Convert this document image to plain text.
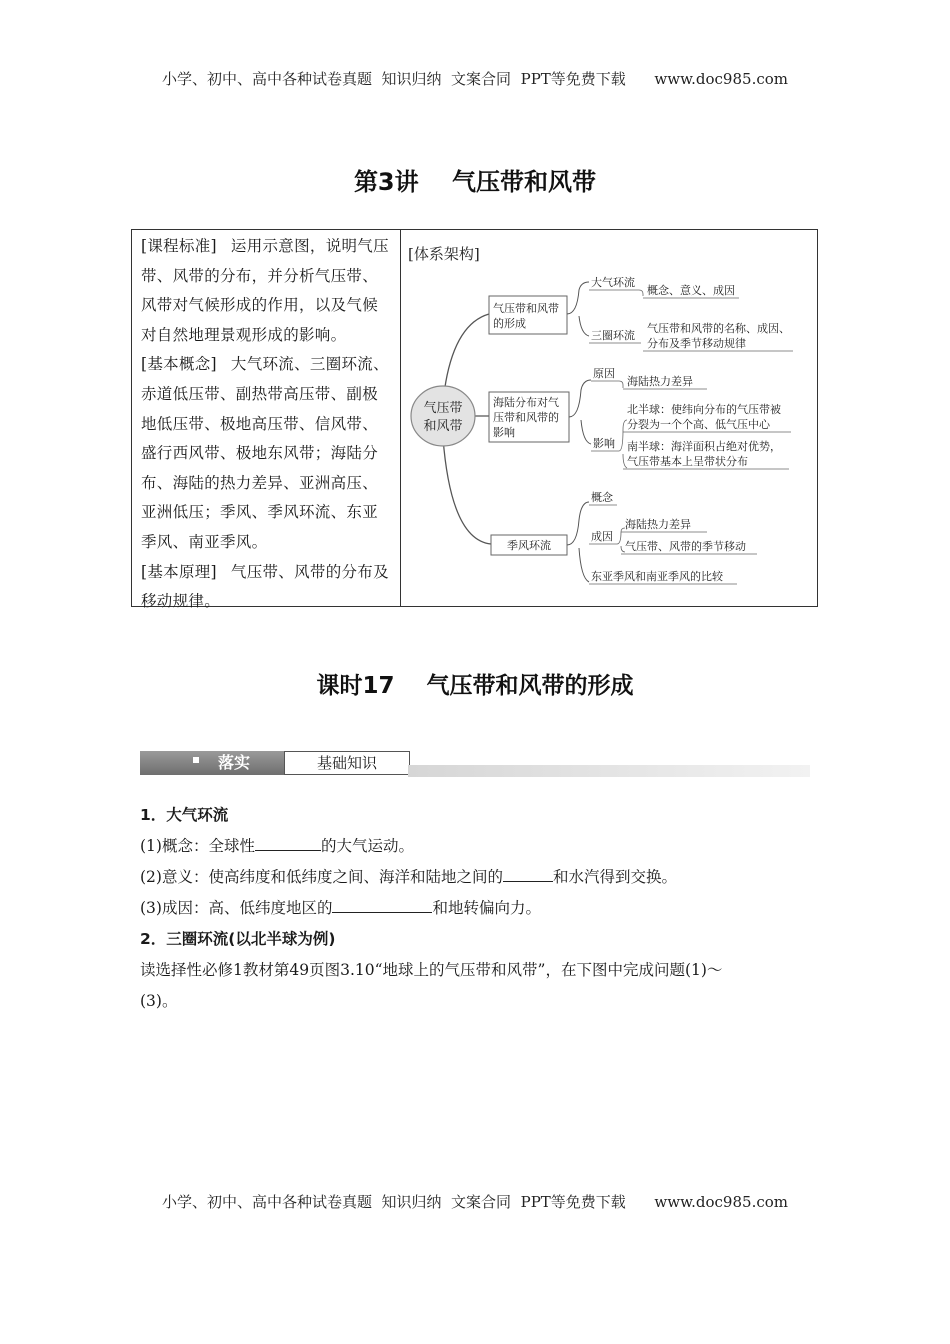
小学、初中、高中各种试卷真题  知识归纳  文案合同  PPT等免费下载      www.doc985.com
第3讲    气压带和风带
[课程标准] 运用示意图，说明气压带、风带的分布，并分析气压带、风带对气候形成的作用，以及气候对自然地理景观形成的影响。
[基本概念] 大气环流、三圈环流、赤道低压带、副热带高压带、副极地低压带、极地高压带、信风带、盛行西风带、极地东风带；海陆分布、海陆的热力差异、亚洲高压、亚洲低压；季风、季风环流、东亚季风、南亚季风。
[基本原理] 气压带、风带的分布及移动规律。
[体系架构]
气压带
和风带
气压带和风带
的形成
大气环流
概念、意义、成因
三圈环流
气压带和风带的名称、成因、
分布及季节移动规律
海陆分布对气
压带和风带的
影响
原因
海陆热力差异
影响
北半球：使纬向分布的气压带被
分裂为一个个高、低气压中心
南半球：海洋面积占绝对优势，
气压带基本上呈带状分布
季风环流
概念
成因
海陆热力差异
气压带、风带的季节移动
东亚季风和南亚季风的比较
课时17    气压带和风带的形成
落实	基础知识
1．大气环流
(1)概念：全球性	的大气运动。
(2)意义：使高纬度和低纬度之间、海洋和陆地之间的	和水汽得到交换。
(3)成因：高、低纬度地区的	和地转偏向力。
2．三圈环流(以北半球为例)
读选择性必修1教材第49页图3.10“地球上的气压带和风带”，在下图中完成问题(1)～
(3)。
小学、初中、高中各种试卷真题  知识归纳  文案合同  PPT等免费下载      www.doc985.com
